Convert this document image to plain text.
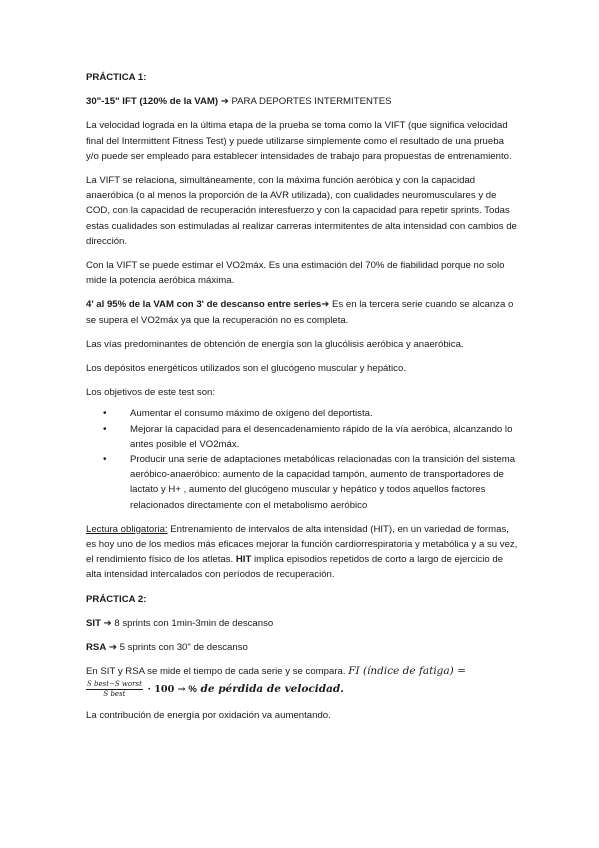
PRÁCTICA 1:

30"-15" IFT (120% de la VAM) ➔ PARA DEPORTES INTERMITENTES

La velocidad lograda en la última etapa de la prueba se toma como la VIFT (que significa velocidad final del Intermittent Fitness Test) y puede utilizarse simplemente como el resultado de una prueba y/o puede ser empleado para establecer intensidades de trabajo para propuestas de entrenamiento.

La VIFT se relaciona, simultáneamente, con la máxima función aeróbica y con la capacidad anaeróbica (o al menos la proporción de la AVR utilizada), con cualidades neuromusculares y de COD, con la capacidad de recuperación interesfuerzo y con la capacidad para repetir sprints. Todas estas cualidades son estimuladas al realizar carreras intermitentes de alta intensidad con cambios de dirección.

Con la VIFT se puede estimar el VO2máx. Es una estimación del 70% de fiabilidad porque no solo mide la potencia aeróbica máxima.

4' al 95% de la VAM con 3' de descanso entre series➔ Es en la tercera serie cuando se alcanza o se supera el VO2máx ya que la recuperación no es completa.

Las vías predominantes de obtención de energía son la glucólisis aeróbica y anaeróbica.

Los depósitos energéticos utilizados son el glucógeno muscular y hepático.

Los objetivos de este test son:

• Aumentar el consumo máximo de oxígeno del deportista.
• Mejorar la capacidad para el desencadenamiento rápido de la vía aeróbica, alcanzando lo antes posible el VO2máx.
• Producir una serie de adaptaciones metabólicas relacionadas con la transición del sistema aeróbico-anaeróbico: aumento de la capacidad tampón, aumento de transportadores de lactato y H+ , aumento del glucógeno muscular y hepático y todos aquellos factores relacionados directamente con el metabolismo aeróbico

Lectura obligatoria: Entrenamiento de intervalos de alta intensidad (HIT), en un variedad de formas, es hoy uno de los medios más eficaces mejorar la función cardiorrespiratoria y metabólica y a su vez, el rendimiento físico de los atletas. HIT implica episodios repetidos de corto a largo de ejercicio de alta intensidad intercalados con períodos de recuperación.

PRÁCTICA 2:

SIT ➔ 8 sprints con 1min-3min de descanso

RSA ➔ 5 sprints con 30" de descanso

En SIT y RSA se mide el tiempo de cada serie y se compara. FI (índice de fatiga) =

$\frac{\text{S best−S worst}}{\text{S best}} \cdot 100$ → % de pérdida de velocidad.

La contribución de energía por oxidación va aumentando.
